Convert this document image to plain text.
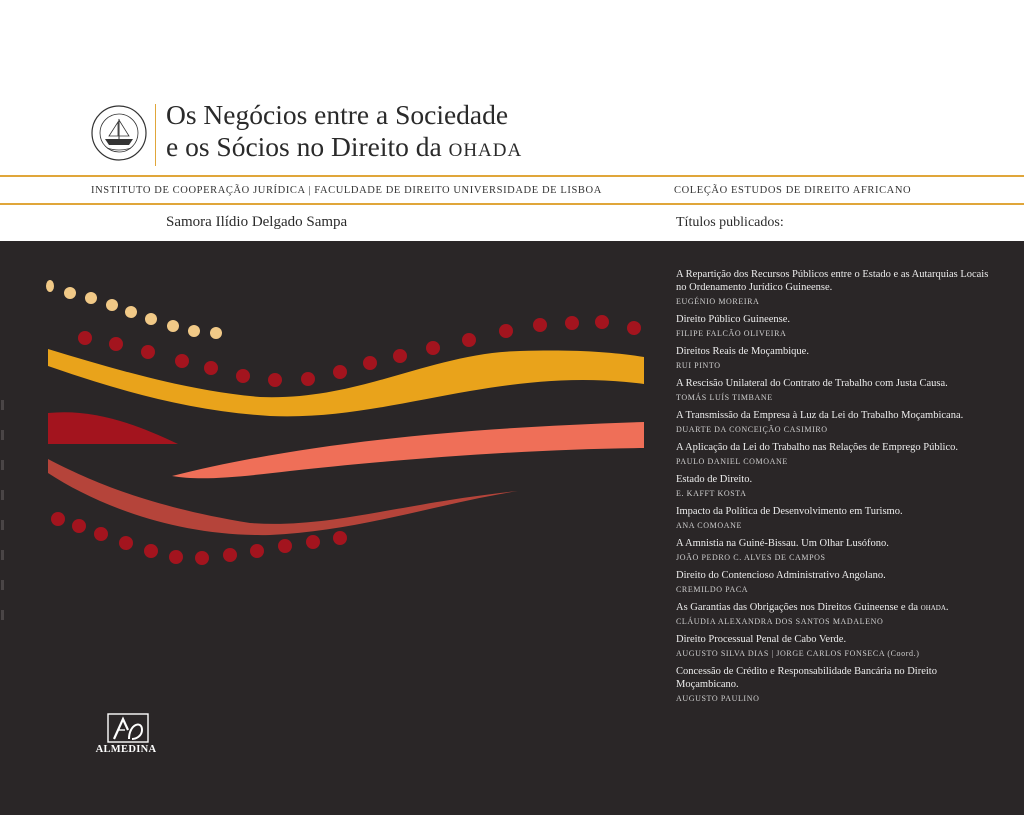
Os Negócios entre a Sociedade
e os Sócios no Direito da ohada
INSTITUTO DE COOPERAÇÃO JURÍDICA | FACULDADE DE DIREITO UNIVERSIDADE DE LISBOA	COLEÇÃO ESTUDOS DE DIREITO AFRICANO
Samora Ilídio Delgado Sampa	Títulos publicados:
A Repartição dos Recursos Públicos entre o Estado e as Autarquias Locais no Ordenamento Jurídico Guineense.
EUGÉNIO MOREIRA
Direito Público Guineense.
FILIPE FALCÃO OLIVEIRA
Direitos Reais de Moçambique.
RUI PINTO
A Rescisão Unilateral do Contrato de Trabalho com Justa Causa.
TOMÁS LUÍS TIMBANE
A Transmissão da Empresa à Luz da Lei do Trabalho Moçambicana.
DUARTE DA CONCEIÇÃO CASIMIRO
A Aplicação da Lei do Trabalho nas Relações de Emprego Público.
PAULO DANIEL COMOANE
Estado de Direito.
E. KAFFT KOSTA
Impacto da Política de Desenvolvimento em Turismo.
ANA COMOANE
A Amnistia na Guiné-Bissau. Um Olhar Lusófono.
JOÃO PEDRO C. ALVES DE CAMPOS
Direito do Contencioso Administrativo Angolano.
CREMILDO PACA
As Garantias das Obrigações nos Direitos Guineense e da ohada.
CLÁUDIA ALEXANDRA DOS SANTOS MADALENO
Direito Processual Penal de Cabo Verde.
AUGUSTO SILVA DIAS | JORGE CARLOS FONSECA (Coord.)
Concessão de Crédito e Responsabilidade Bancária no Direito Moçambicano.
AUGUSTO PAULINO
ALMEDINA
